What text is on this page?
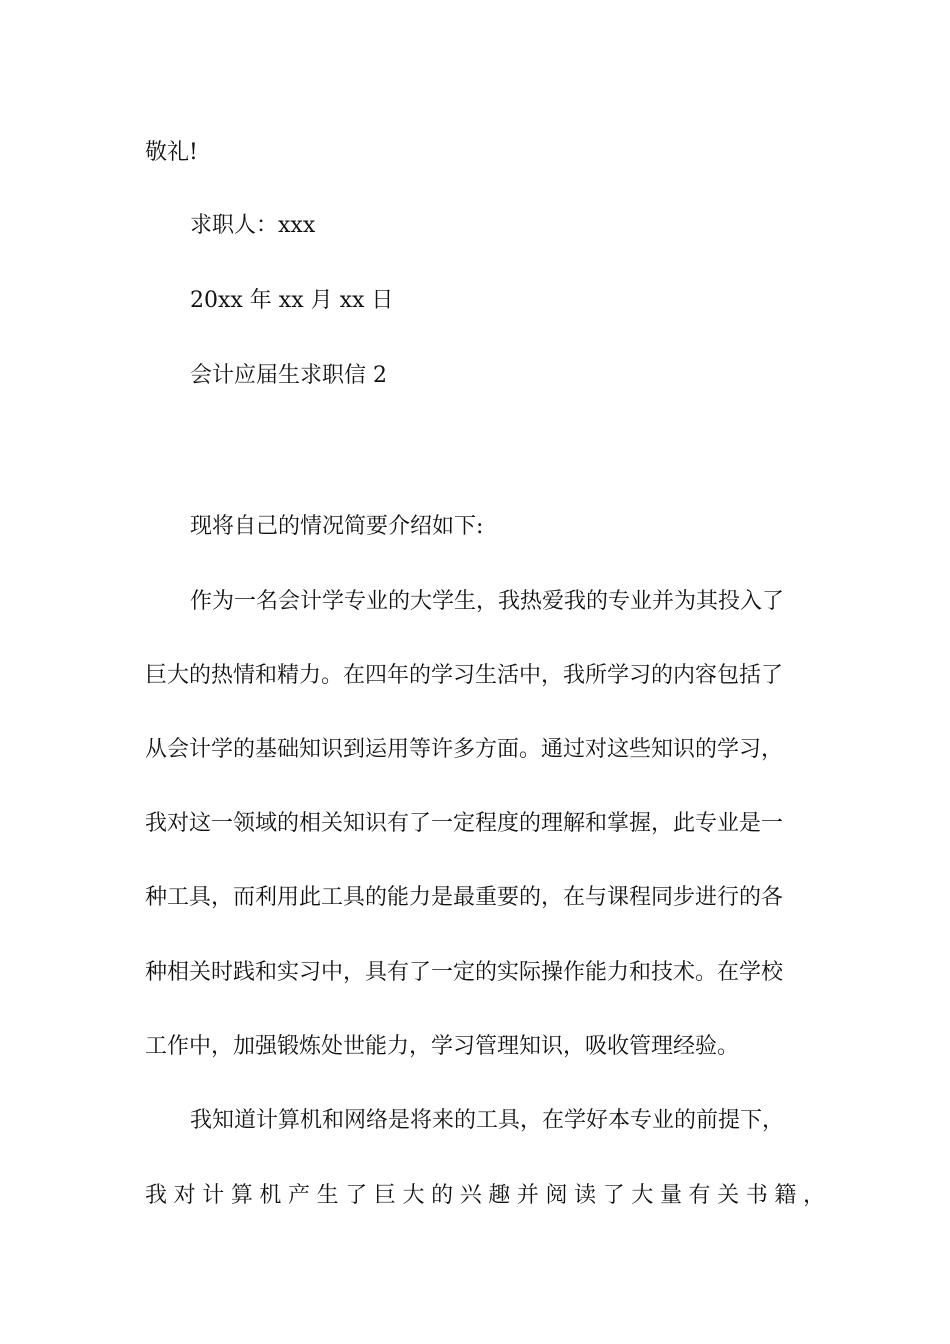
敬礼!
求职人：xxx
20xx 年 xx 月 xx 日
会计应届生求职信 2
现将自己的情况简要介绍如下:
作为一名会计学专业的大学生，我热爱我的专业并为其投入了
巨大的热情和精力。在四年的学习生活中，我所学习的内容包括了
从会计学的基础知识到运用等许多方面。通过对这些知识的学习，
我对这一领域的相关知识有了一定程度的理解和掌握，此专业是一
种工具，而利用此工具的能力是最重要的，在与课程同步进行的各
种相关时践和实习中，具有了一定的实际操作能力和技术。在学校
工作中，加强锻炼处世能力，学习管理知识，吸收管理经验。
我知道计算机和网络是将来的工具，在学好本专业的前提下，
我对计算机产生了巨大的兴趣并阅读了大量有关书籍，
